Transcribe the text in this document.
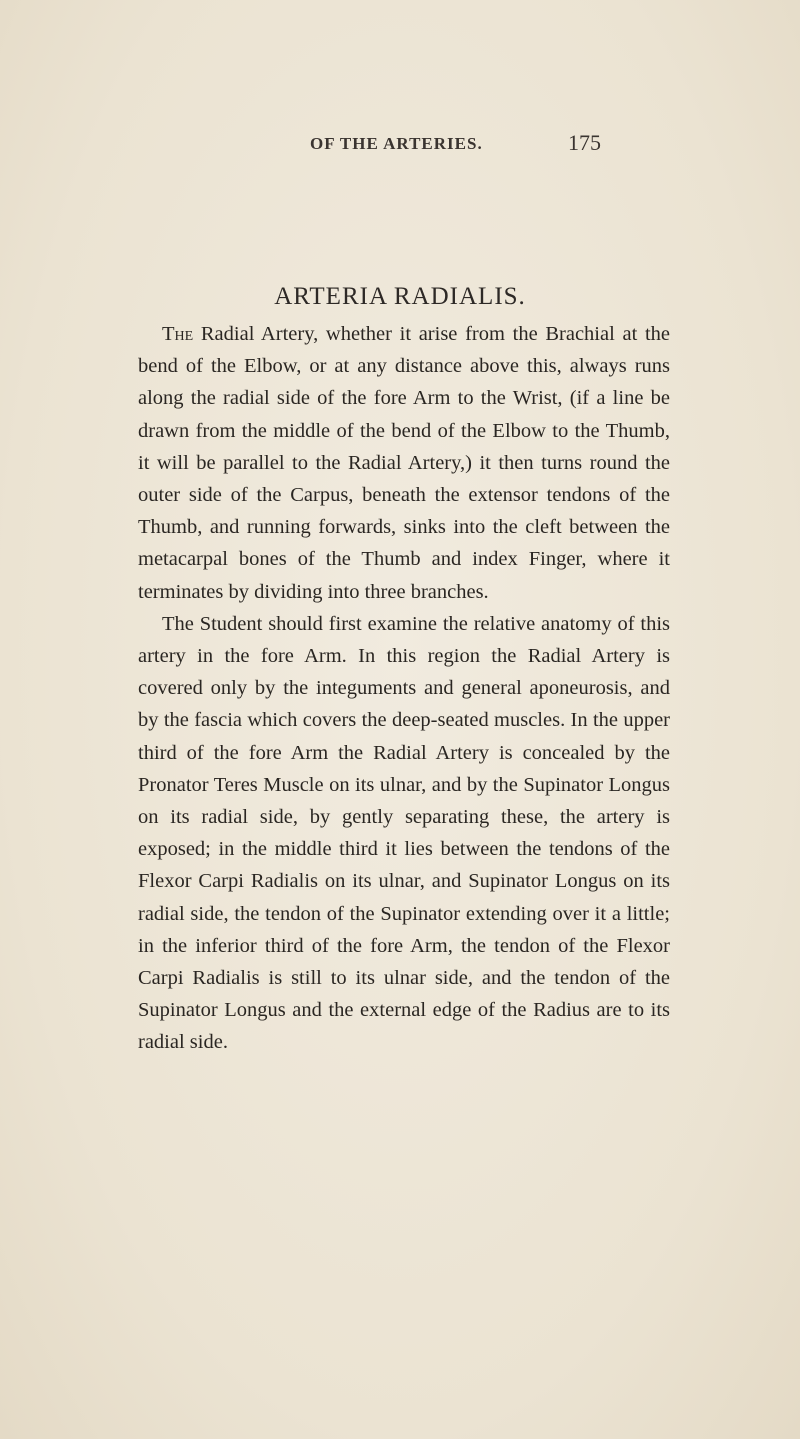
OF THE ARTERIES.	175
ARTERIA RADIALIS.

The Radial Artery, whether it arise from the Brachial at the bend of the Elbow, or at any distance above this, always runs along the radial side of the fore Arm to the Wrist, (if a line be drawn from the middle of the bend of the Elbow to the Thumb, it will be parallel to the Radial Artery,) it then turns round the outer side of the Carpus, beneath the extensor tendons of the Thumb, and running forwards, sinks into the cleft between the metacarpal bones of the Thumb and index Finger, where it terminates by dividing into three branches.

The Student should first examine the relative anatomy of this artery in the fore Arm. In this region the Radial Artery is covered only by the integuments and general aponeurosis, and by the fascia which covers the deep-seated muscles. In the upper third of the fore Arm the Radial Artery is concealed by the Pronator Teres Muscle on its ulnar, and by the Supinator Longus on its radial side, by gently separating these, the artery is exposed; in the middle third it lies between the tendons of the Flexor Carpi Radialis on its ulnar, and Supinator Longus on its radial side, the tendon of the Supinator extending over it a little; in the inferior third of the fore Arm, the tendon of the Flexor Carpi Radialis is still to its ulnar side, and the tendon of the Supinator Longus and the external edge of the Radius are to its radial side.
